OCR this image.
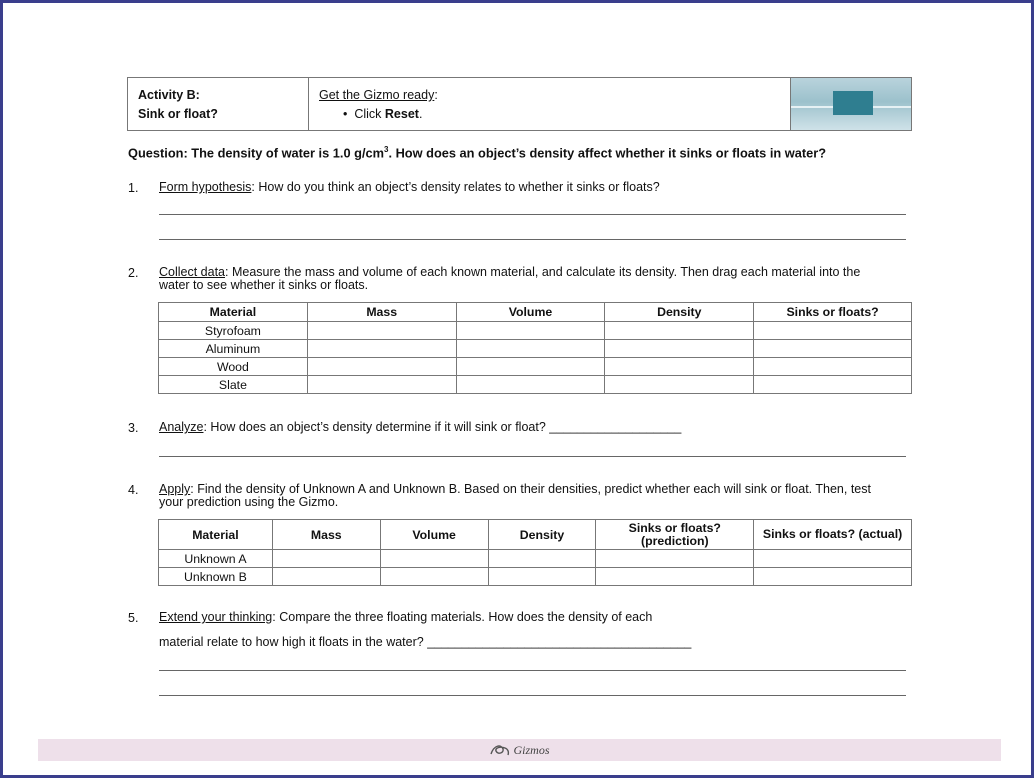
Activity B:
Sink or float?
Get the Gizmo ready:
•  Click Reset.
Question: The density of water is 1.0 $g/cm^3$. How does an object’s density affect whether it sinks or floats in water?
1. Form hypothesis: How do you think an object’s density relates to whether it sinks or floats?
2. Collect data: Measure the mass and volume of each known material, and calculate its density. Then drag each material into the water to see whether it sinks or floats.
Material	Mass	Volume	Density	Sinks or floats?
Styrofoam				
Aluminum				
Wood				
Slate				
3. Analyze: How does an object’s density determine if it will sink or float? ___________________
4. Apply: Find the density of Unknown A and Unknown B. Based on their densities, predict whether each will sink or float. Then, test your prediction using the Gizmo.
Material	Mass	Volume	Density	Sinks or floats? (prediction)	Sinks or floats? (actual)
Unknown A					
Unknown B					
5. Extend your thinking: Compare the three floating materials. How does the density of each
material relate to how high it floats in the water? ______________________________________
Gizmos
